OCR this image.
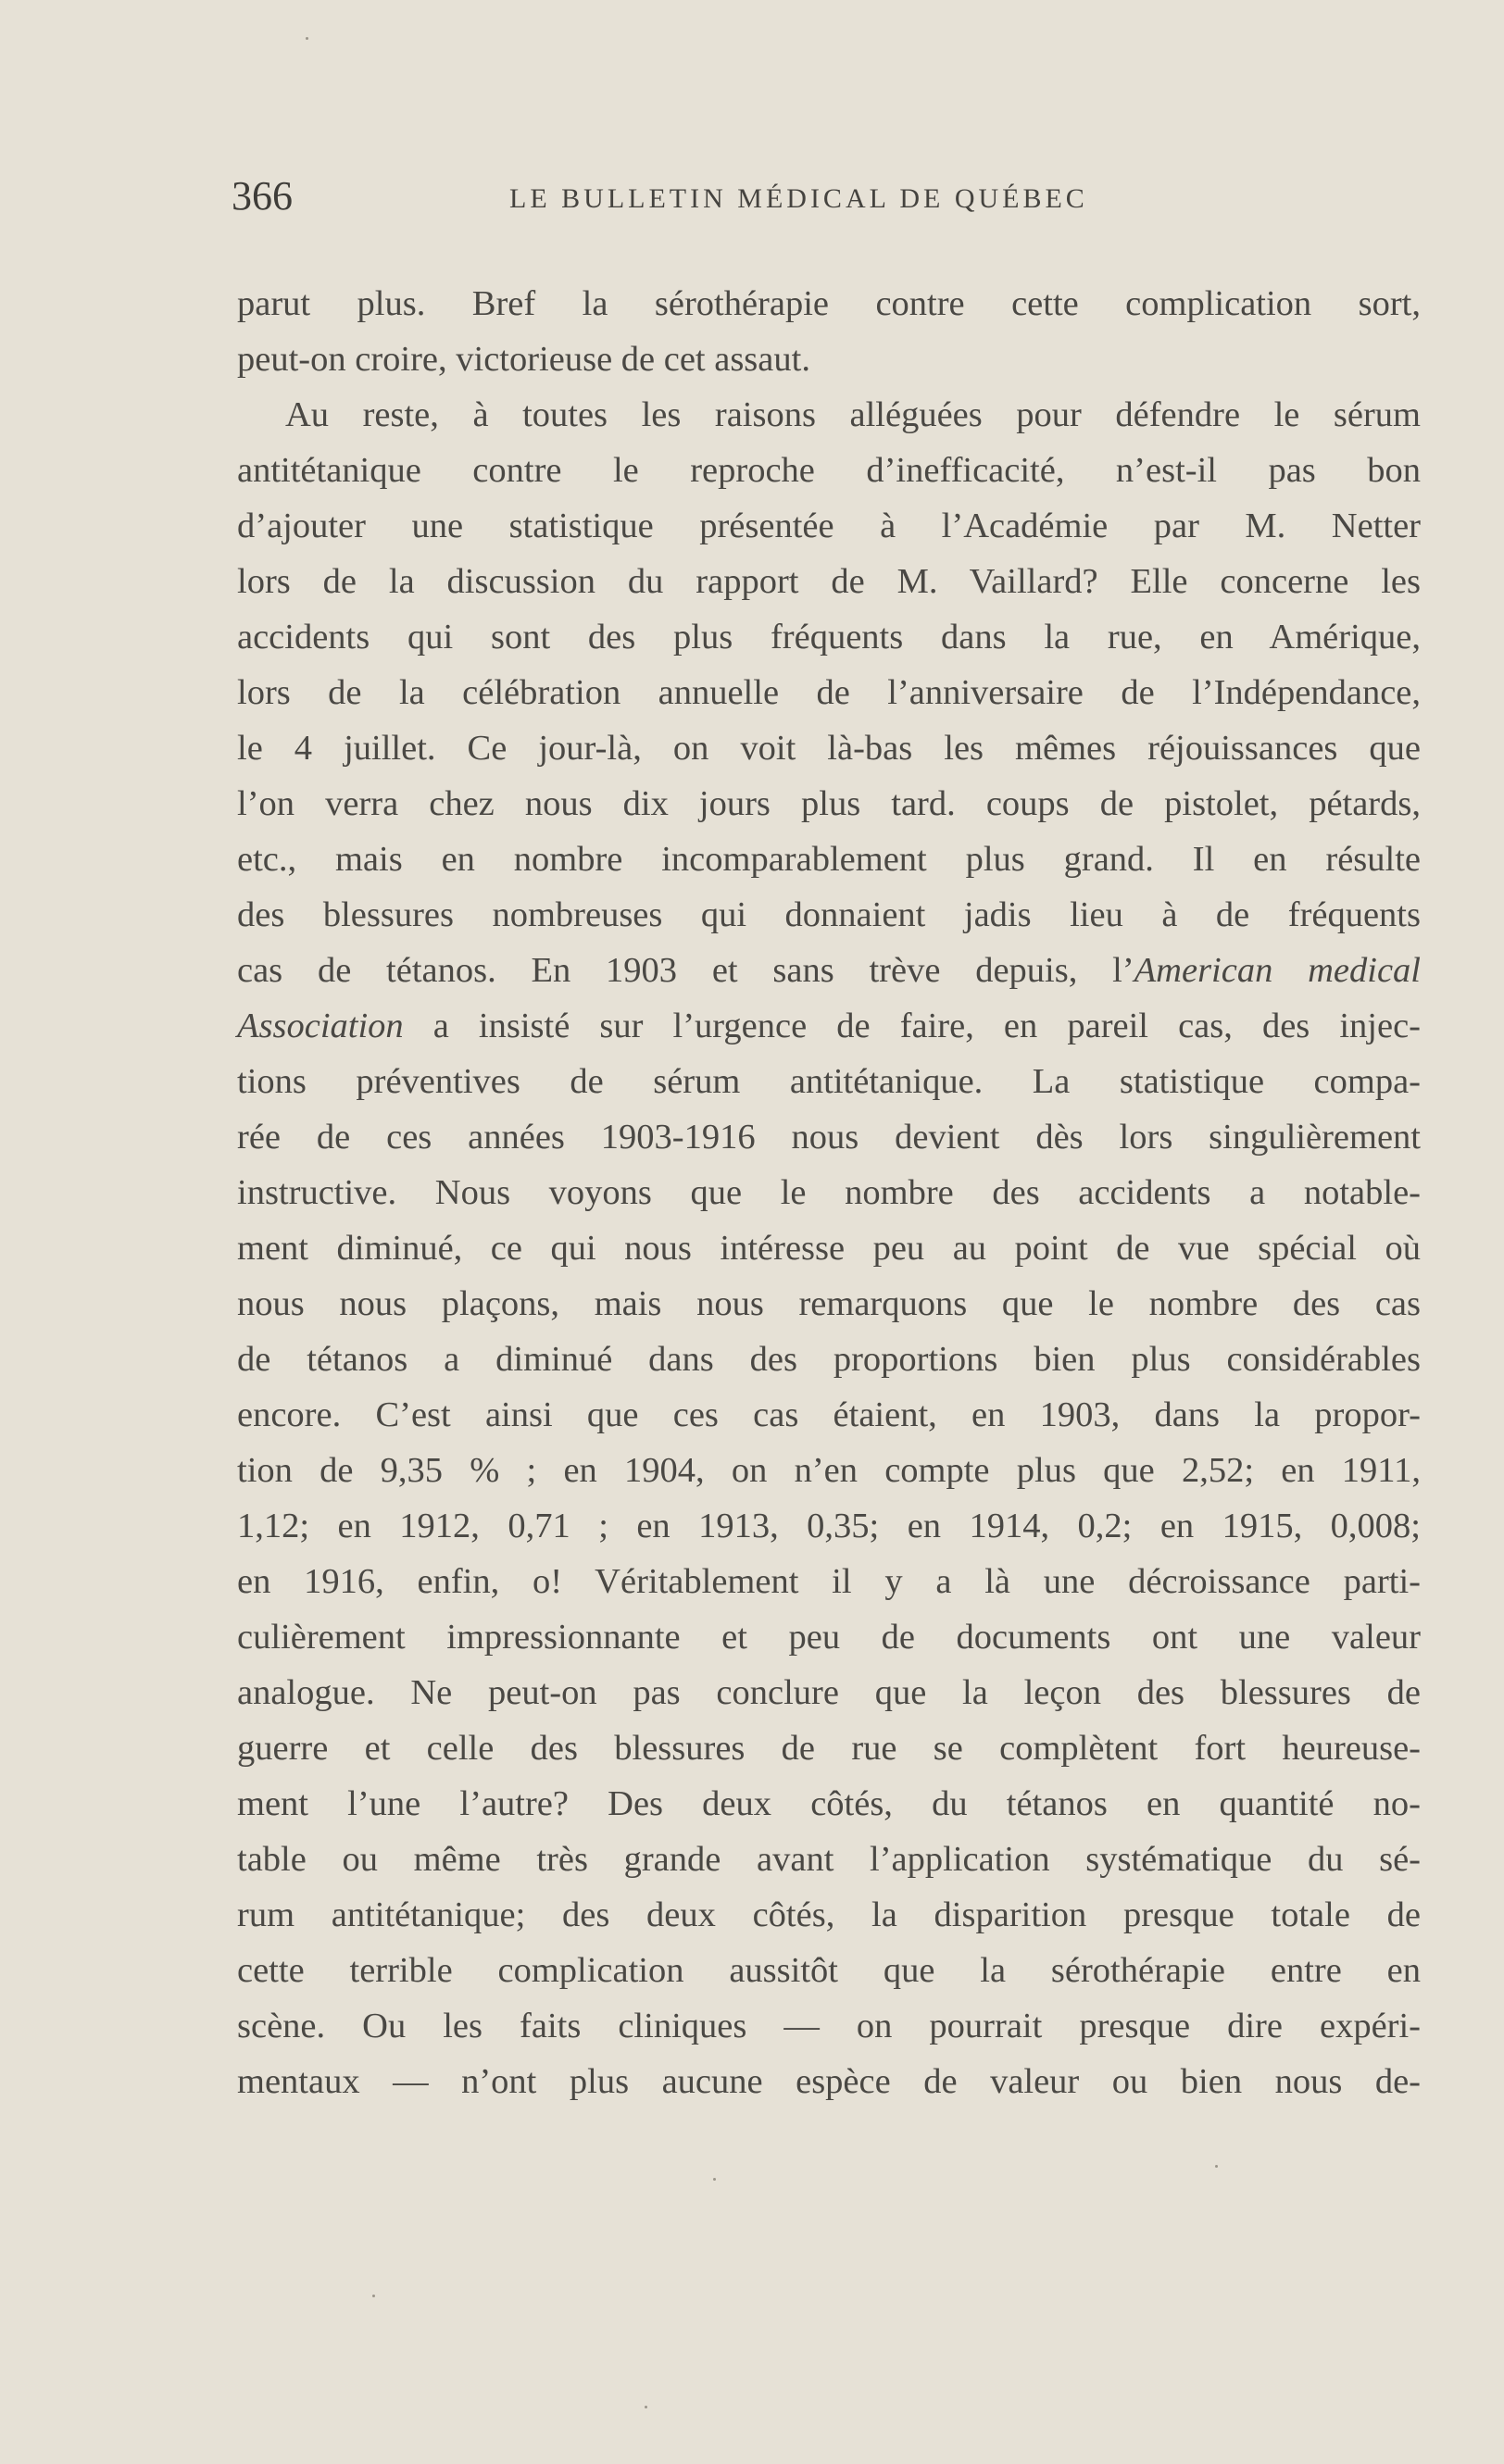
366	LE BULLETIN MÉDICAL DE QUÉBEC
parut plus. Bref la sérothérapie contre cette complication sort,
peut-on croire, victorieuse de cet assaut.
Au reste, à toutes les raisons alléguées pour défendre le sérum
antitétanique contre le reproche d’inefficacité, n’est-il pas bon
d’ajouter une statistique présentée à l’Académie par M. Netter
lors de la discussion du rapport de M. Vaillard? Elle concerne les
accidents qui sont des plus fréquents dans la rue, en Amérique,
lors de la célébration annuelle de l’anniversaire de l’Indépendance,
le 4 juillet. Ce jour-là, on voit là-bas les mêmes réjouissances que
l’on verra chez nous dix jours plus tard. coups de pistolet, pétards,
etc., mais en nombre incomparablement plus grand. Il en résulte
des blessures nombreuses qui donnaient jadis lieu à de fréquents
cas de tétanos. En 1903 et sans trève depuis, l’American medical
Association a insisté sur l’urgence de faire, en pareil cas, des injec-
tions préventives de sérum antitétanique. La statistique compa-
rée de ces années 1903-1916 nous devient dès lors singulièrement
instructive. Nous voyons que le nombre des accidents a notable-
ment diminué, ce qui nous intéresse peu au point de vue spécial où
nous nous plaçons, mais nous remarquons que le nombre des cas
de tétanos a diminué dans des proportions bien plus considérables
encore. C’est ainsi que ces cas étaient, en 1903, dans la propor-
tion de 9,35 % ; en 1904, on n’en compte plus que 2,52; en 1911,
1,12; en 1912, 0,71 ; en 1913, 0,35; en 1914, 0,2; en 1915, 0,008;
en 1916, enfin, o! Véritablement il y a là une décroissance parti-
culièrement impressionnante et peu de documents ont une valeur
analogue. Ne peut-on pas conclure que la leçon des blessures de
guerre et celle des blessures de rue se complètent fort heureuse-
ment l’une l’autre? Des deux côtés, du tétanos en quantité no-
table ou même très grande avant l’application systématique du sé-
rum antitétanique; des deux côtés, la disparition presque totale de
cette terrible complication aussitôt que la sérothérapie entre en
scène. Ou les faits cliniques — on pourrait presque dire expéri-
mentaux — n’ont plus aucune espèce de valeur ou bien nous de-
